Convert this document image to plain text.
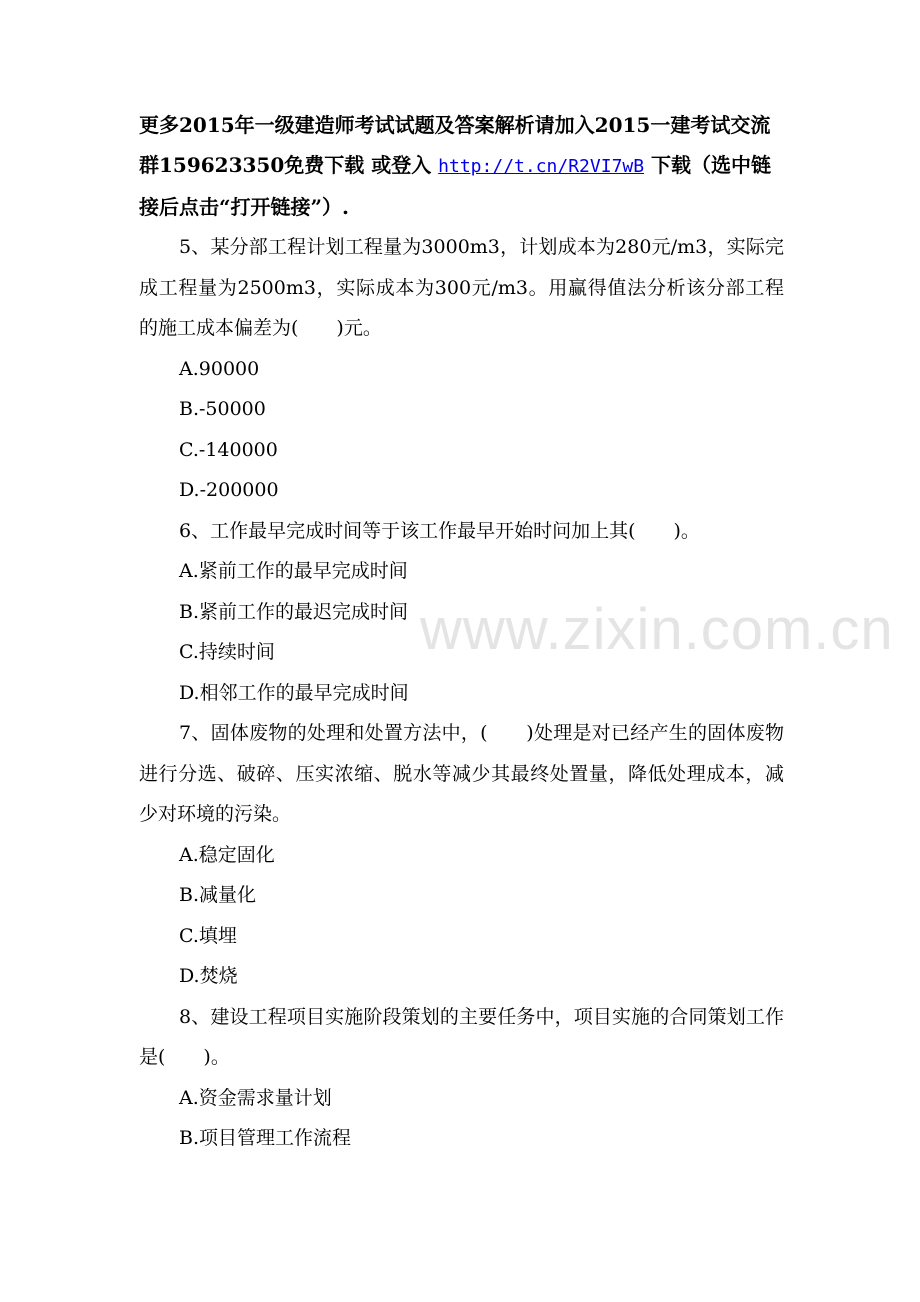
www.zixin.com.cn

更多2015年一级建造师考试试题及答案解析请加入2015一建考试交流群159623350免费下载 或登入 http://t.cn/R2VI7wB 下载（选中链接后点击“打开链接”）.

5、某分部工程计划工程量为3000m3，计划成本为280元/m3，实际完成工程量为2500m3，实际成本为300元/m3。用赢得值法分析该分部工程的施工成本偏差为(　　)元。

A.90000

B.-50000

C.-140000

D.-200000

6、工作最早完成时间等于该工作最早开始时问加上其(　　)。

A.紧前工作的最早完成时间

B.紧前工作的最迟完成时间

C.持续时间

D.相邻工作的最早完成时间

7、固体废物的处理和处置方法中，(　　)处理是对已经产生的固体废物进行分选、破碎、压实浓缩、脱水等减少其最终处置量，降低处理成本，减少对环境的污染。

A.稳定固化

B.减量化

C.填埋

D.焚烧

8、建设工程项目实施阶段策划的主要任务中，项目实施的合同策划工作是(　　)。

A.资金需求量计划

B.项目管理工作流程
